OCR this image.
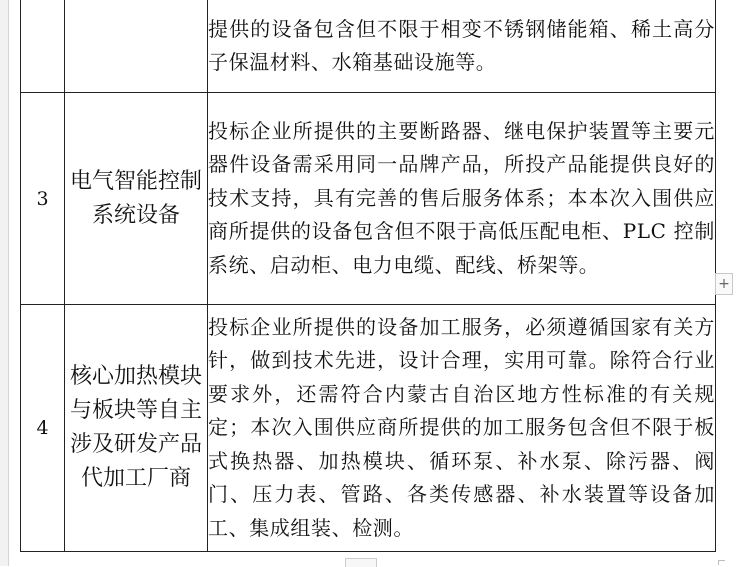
		提供的设备包含但不限于相变不锈钢储能箱、稀土高分子保温材料、水箱基础设施等。
3	电气智能控制系统设备	投标企业所提供的主要断路器、继电保护装置等主要元器件设备需采用同一品牌产品，所投产品能提供良好的技术支持，具有完善的售后服务体系；本本次入围供应商所提供的设备包含但不限于高低压配电柜、PLC 控制系统、启动柜、电力电缆、配线、桥架等。
4	核心加热模块与板块等自主涉及研发产品代加工厂商	投标企业所提供的设备加工服务，必须遵循国家有关方针，做到技术先进，设计合理，实用可靠。除符合行业要求外，还需符合内蒙古自治区地方性标准的有关规定；本次入围供应商所提供的加工服务包含但不限于板式换热器、加热模块、循环泵、补水泵、除污器、阀门、压力表、管路、各类传感器、补水装置等设备加工、集成组装、检测。
+
